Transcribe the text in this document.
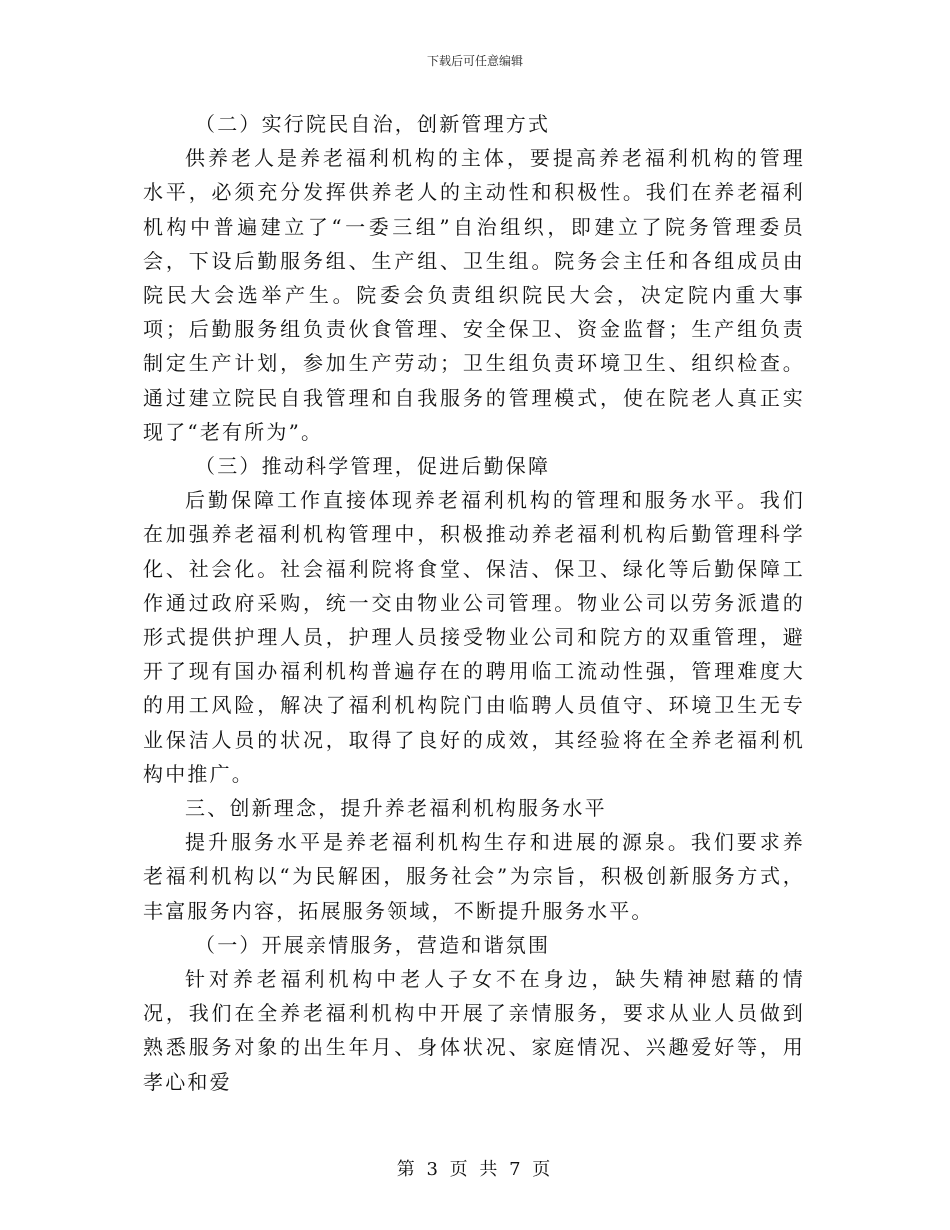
下载后可任意编辑

（二）实行院民自治，创新管理方式

供养老人是养老福利机构的主体，要提高养老福利机构的管理水平，必须充分发挥供养老人的主动性和积极性。我们在养老福利机构中普遍建立了“一委三组”自治组织，即建立了院务管理委员会，下设后勤服务组、生产组、卫生组。院务会主任和各组成员由院民大会选举产生。院委会负责组织院民大会，决定院内重大事项；后勤服务组负责伙食管理、安全保卫、资金监督；生产组负责制定生产计划，参加生产劳动；卫生组负责环境卫生、组织检查。通过建立院民自我管理和自我服务的管理模式，使在院老人真正实现了“老有所为”。

（三）推动科学管理，促进后勤保障

后勤保障工作直接体现养老福利机构的管理和服务水平。我们在加强养老福利机构管理中，积极推动养老福利机构后勤管理科学化、社会化。社会福利院将食堂、保洁、保卫、绿化等后勤保障工作通过政府采购，统一交由物业公司管理。物业公司以劳务派遣的形式提供护理人员，护理人员接受物业公司和院方的双重管理，避开了现有国办福利机构普遍存在的聘用临工流动性强，管理难度大的用工风险，解决了福利机构院门由临聘人员值守、环境卫生无专业保洁人员的状况，取得了良好的成效，其经验将在全养老福利机构中推广。

三、创新理念，提升养老福利机构服务水平

提升服务水平是养老福利机构生存和进展的源泉。我们要求养老福利机构以“为民解困，服务社会”为宗旨，积极创新服务方式，丰富服务内容，拓展服务领域，不断提升服务水平。

（一）开展亲情服务，营造和谐氛围

针对养老福利机构中老人子女不在身边，缺失精神慰藉的情况，我们在全养老福利机构中开展了亲情服务，要求从业人员做到熟悉服务对象的出生年月、身体状况、家庭情况、兴趣爱好等，用孝心和爱

第 3 页 共 7 页
